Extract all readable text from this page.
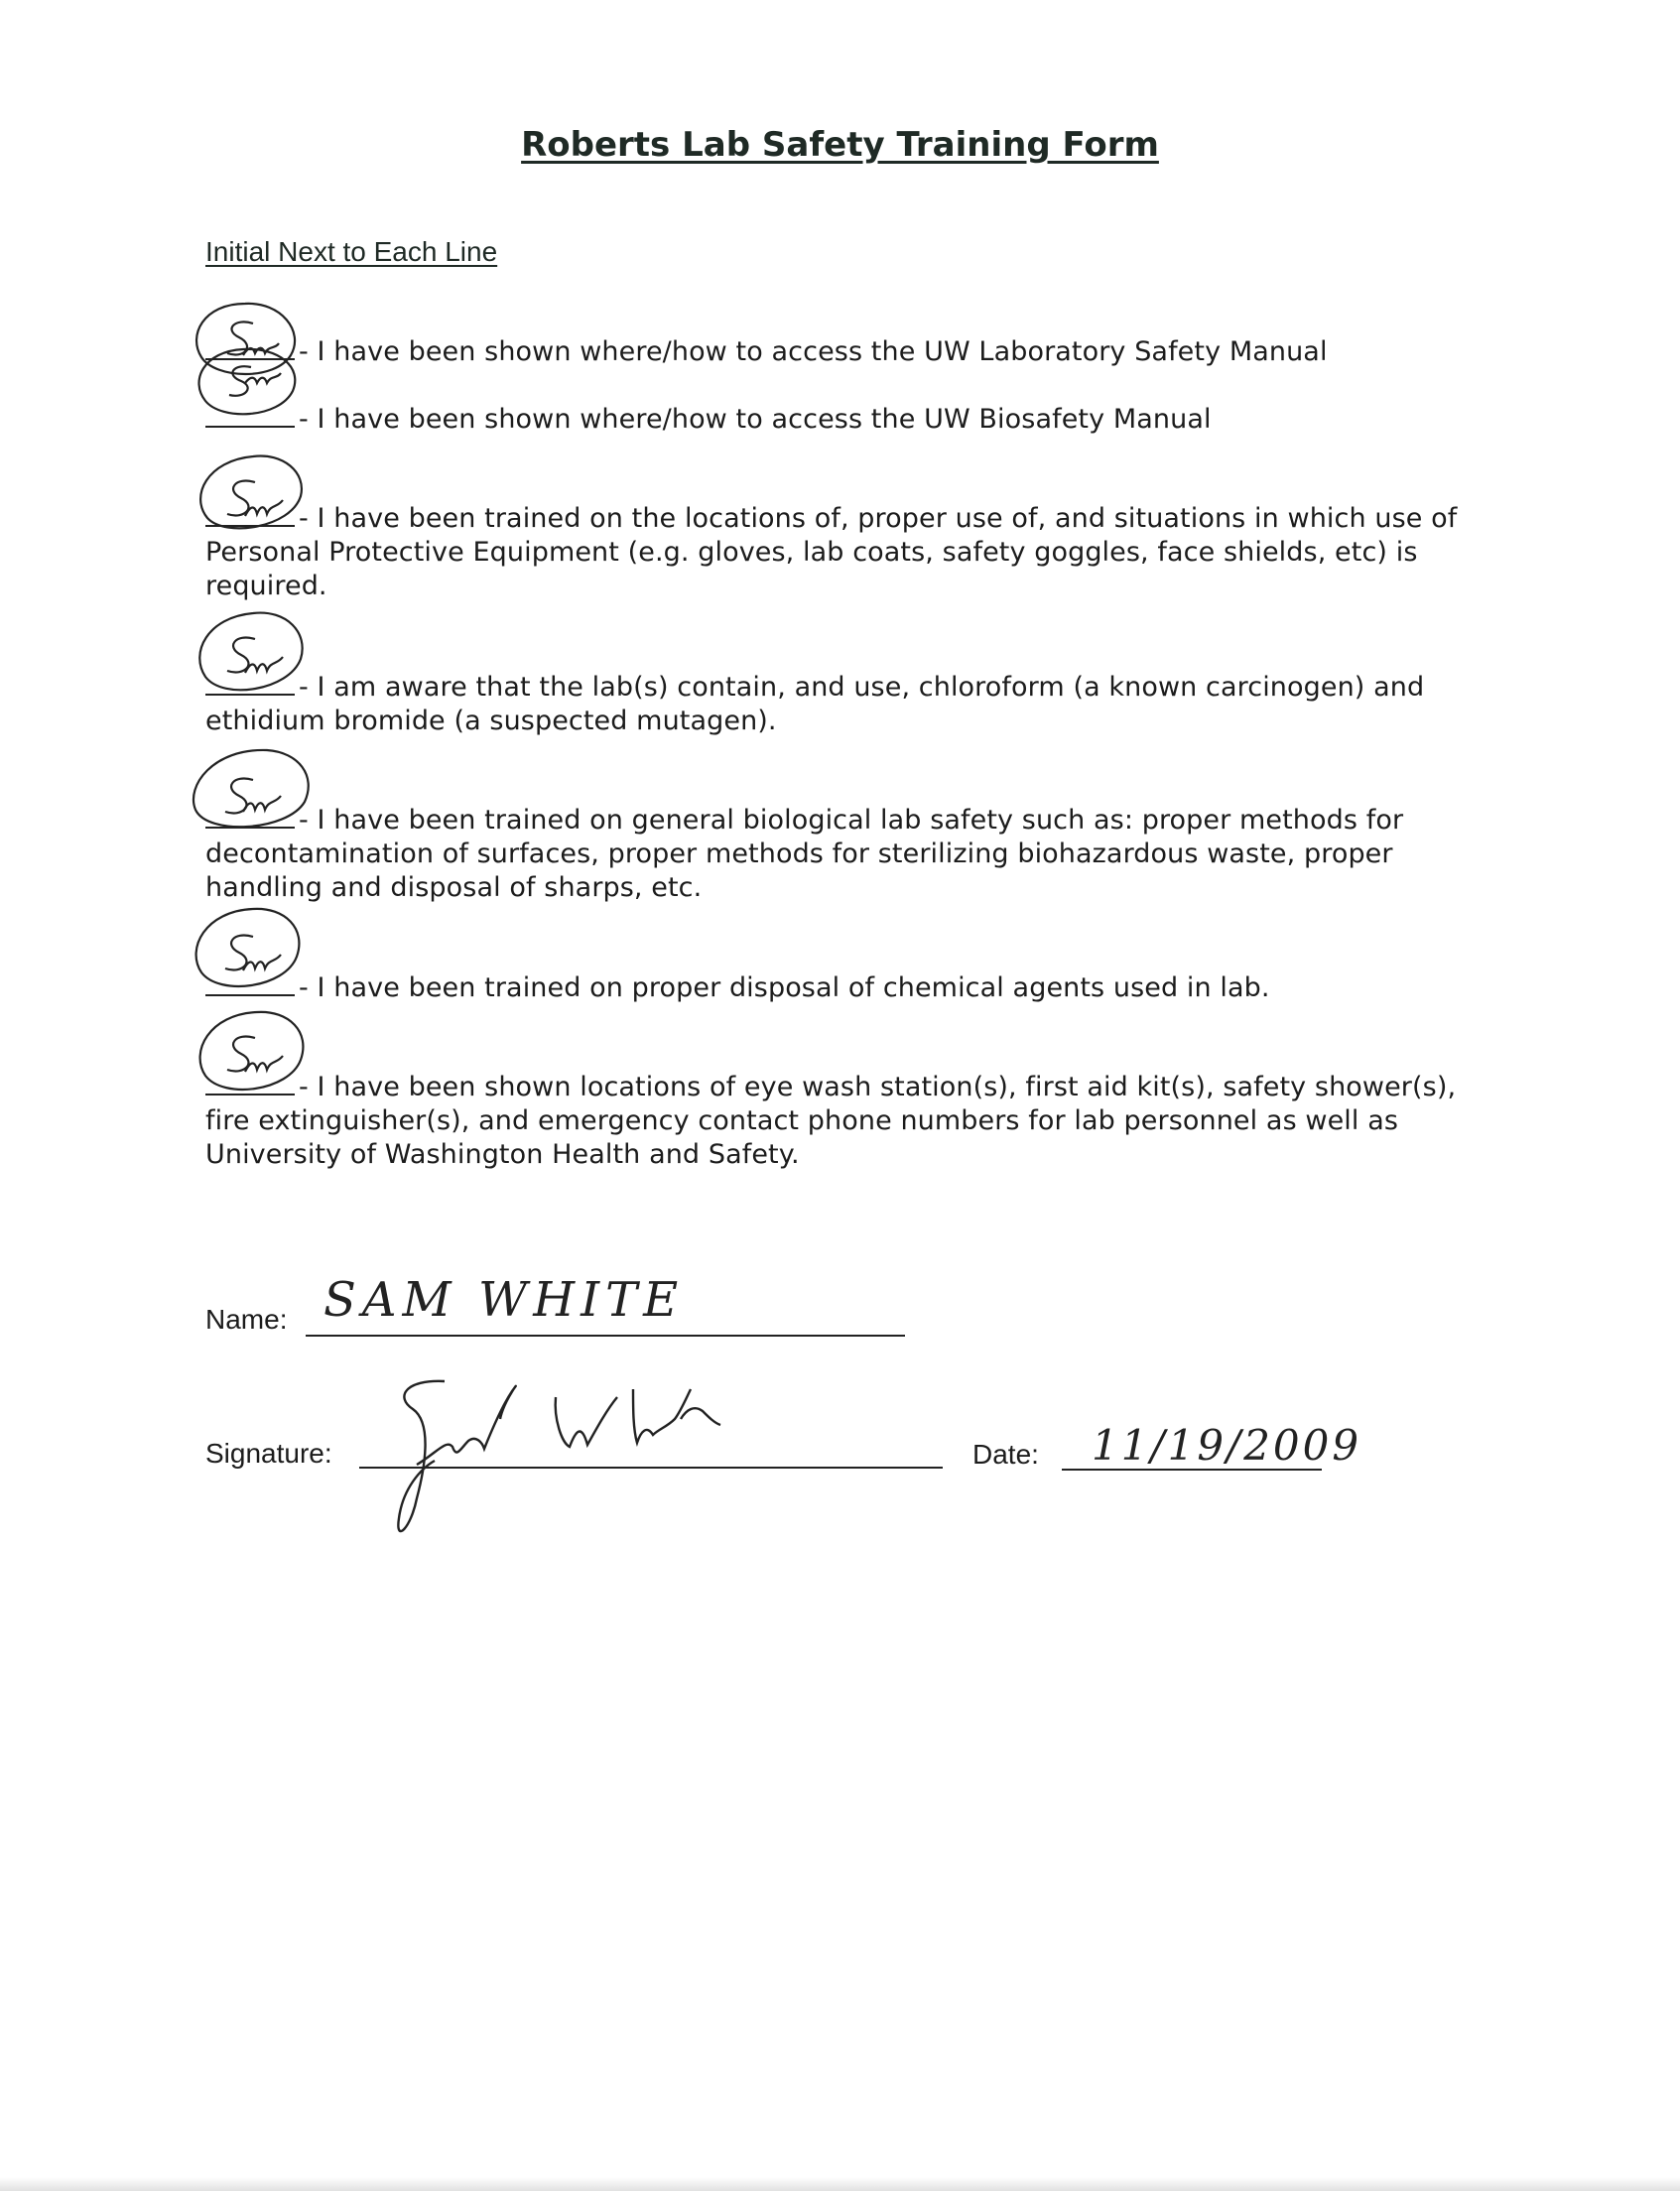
Roberts Lab Safety Training Form
Initial Next to Each Line
- I have been shown where/how to access the UW Laboratory Safety Manual
- I have been shown where/how to access the UW Biosafety Manual
- I have been trained on the locations of, proper use of, and situations in which use of Personal Protective Equipment (e.g. gloves, lab coats, safety goggles, face shields, etc) is required.
- I am aware that the lab(s) contain, and use, chloroform (a known carcinogen) and ethidium bromide (a suspected mutagen).
- I have been trained on general biological lab safety such as: proper methods for decontamination of surfaces, proper methods for sterilizing biohazardous waste, proper handling and disposal of sharps, etc.
- I have been trained on proper disposal of chemical agents used in lab.
- I have been shown locations of eye wash station(s), first aid kit(s), safety shower(s), fire extinguisher(s), and emergency contact phone numbers for lab personnel as well as University of Washington Health and Safety.
Name: SAM WHITE
Signature:	Date: 11/19/2009
